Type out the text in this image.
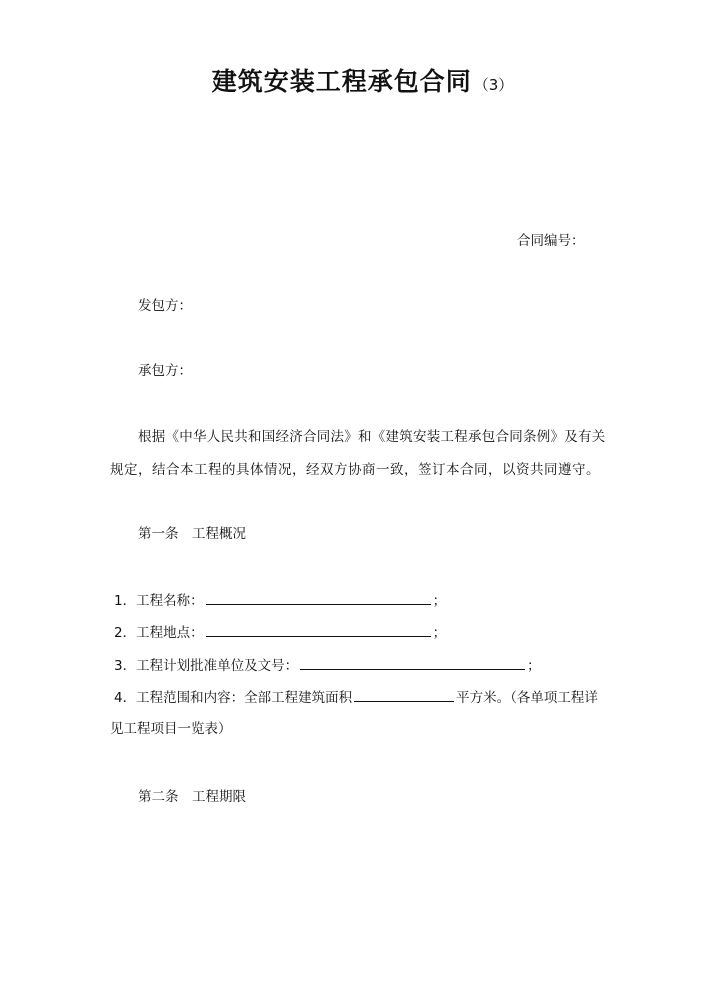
建筑安装工程承包合同 （3）
合同编号：
发包方：
承包方：
根据《中华人民共和国经济合同法》和《建筑安装工程承包合同条例》及有关
规定，结合本工程的具体情况，经双方协商一致，签订本合同，以资共同遵守。
第一条　工程概况
1．工程名称：	；
2．工程地点：	；
3．工程计划批准单位及文号：	；
4．工程范围和内容：全部工程建筑面积	平方米。（各单项工程详
见工程项目一览表）
第二条　工程期限
